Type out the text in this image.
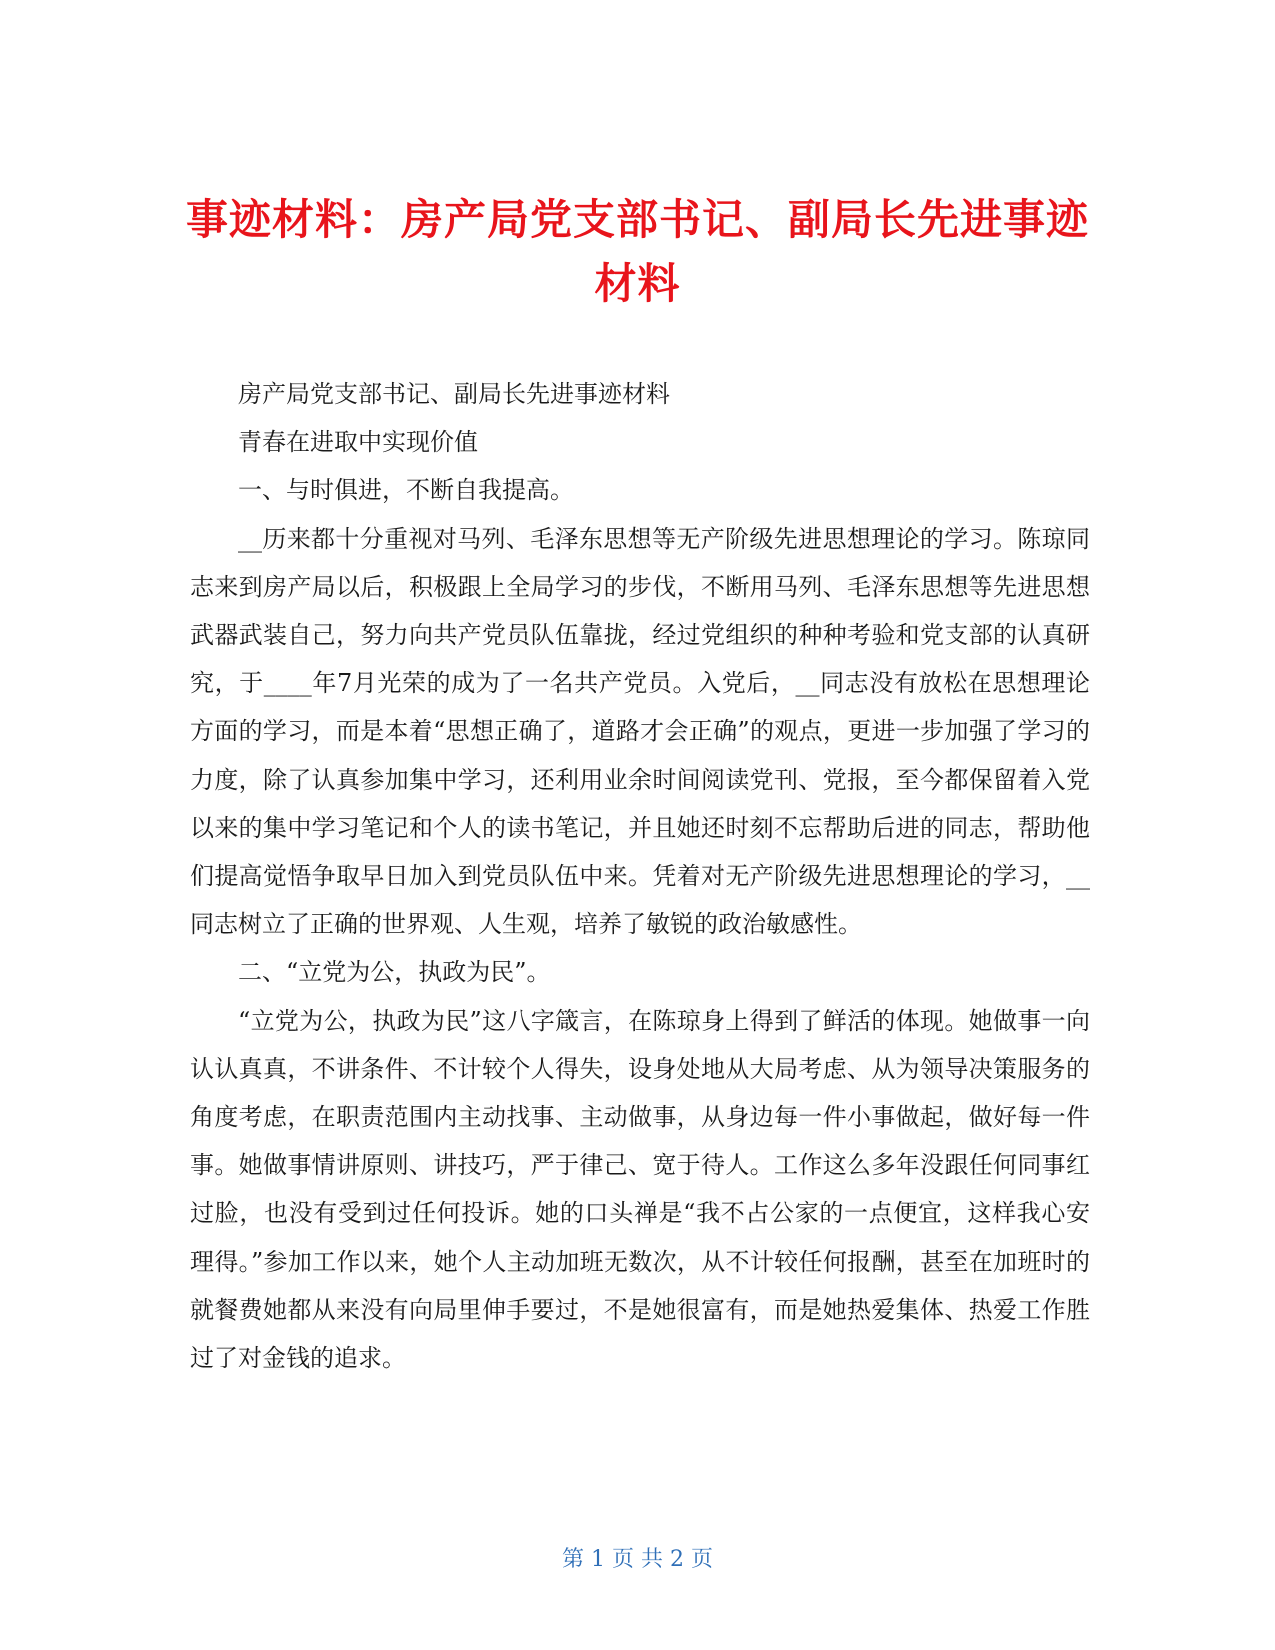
事迹材料：房产局党支部书记、副局长先进事迹材料

房产局党支部书记、副局长先进事迹材料

青春在进取中实现价值

一、与时俱进，不断自我提高。

__历来都十分重视对马列、毛泽东思想等无产阶级先进思想理论的学习。陈琼同志来到房产局以后，积极跟上全局学习的步伐，不断用马列、毛泽东思想等先进思想武器武装自己，努力向共产党员队伍靠拢，经过党组织的种种考验和党支部的认真研究，于____年7月光荣的成为了一名共产党员。入党后，__同志没有放松在思想理论方面的学习，而是本着“思想正确了，道路才会正确”的观点，更进一步加强了学习的力度，除了认真参加集中学习，还利用业余时间阅读党刊、党报，至今都保留着入党以来的集中学习笔记和个人的读书笔记，并且她还时刻不忘帮助后进的同志，帮助他们提高觉悟争取早日加入到党员队伍中来。凭着对无产阶级先进思想理论的学习，__同志树立了正确的世界观、人生观，培养了敏锐的政治敏感性。

二、“立党为公，执政为民”。

“立党为公，执政为民”这八字箴言，在陈琼身上得到了鲜活的体现。她做事一向认认真真，不讲条件、不计较个人得失，设身处地从大局考虑、从为领导决策服务的角度考虑，在职责范围内主动找事、主动做事，从身边每一件小事做起，做好每一件事。她做事情讲原则、讲技巧，严于律己、宽于待人。工作这么多年没跟任何同事红过脸，也没有受到过任何投诉。她的口头禅是“我不占公家的一点便宜，这样我心安理得。”参加工作以来，她个人主动加班无数次，从不计较任何报酬，甚至在加班时的就餐费她都从来没有向局里伸手要过，不是她很富有，而是她热爱集体、热爱工作胜过了对金钱的追求。

第 1 页 共 2 页
